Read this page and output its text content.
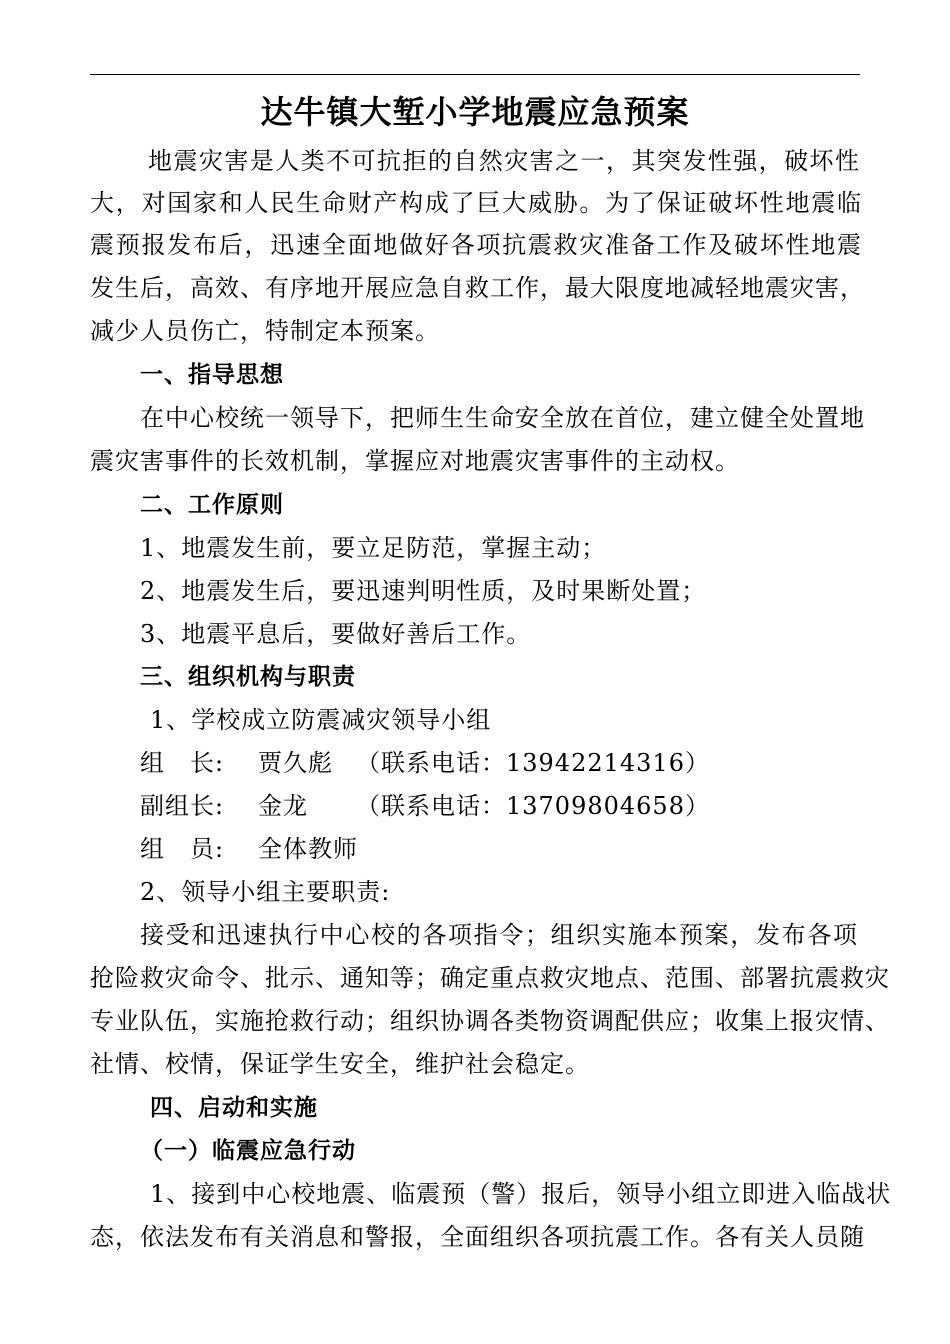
达牛镇大堑小学地震应急预案
地震灾害是人类不可抗拒的自然灾害之一，其突发性强，破坏性
大，对国家和人民生命财产构成了巨大威胁。为了保证破坏性地震临
震预报发布后，迅速全面地做好各项抗震救灾准备工作及破坏性地震
发生后，高效、有序地开展应急自救工作，最大限度地减轻地震灾害，
减少人员伤亡，特制定本预案。
一、指导思想
在中心校统一领导下，把师生生命安全放在首位，建立健全处置地
震灾害事件的长效机制，掌握应对地震灾害事件的主动权。
二、工作原则
1、地震发生前，要立足防范，掌握主动；
2、地震发生后，要迅速判明性质，及时果断处置；
3、地震平息后，要做好善后工作。
三、组织机构与职责
1、学校成立防震减灾领导小组
组　长: 贾久彪 （联系电话：13942214316）
副组长: 金龙 （联系电话：13709804658）
组　员: 全体教师
2、领导小组主要职责:
接受和迅速执行中心校的各项指令；组织实施本预案，发布各项
抢险救灾命令、批示、通知等；确定重点救灾地点、范围、部署抗震救灾
专业队伍，实施抢救行动；组织协调各类物资调配供应；收集上报灾情、
社情、校情，保证学生安全，维护社会稳定。
四、启动和实施
（一）临震应急行动
1、接到中心校地震、临震预（警）报后，领导小组立即进入临战状
态，依法发布有关消息和警报，全面组织各项抗震工作。各有关人员随
